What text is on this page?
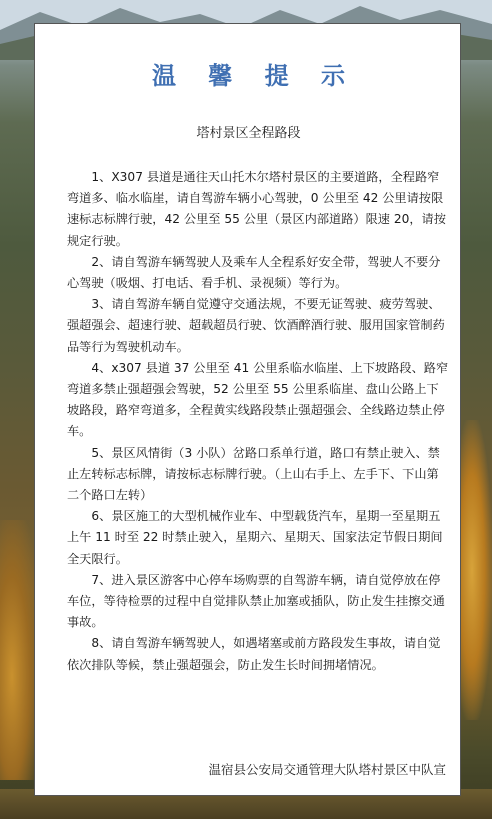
温 馨 提 示
塔村景区全程路段

1、X307 县道是通往天山托木尔塔村景区的主要道路，全程路窄弯道多、临水临崖，请自驾游车辆小心驾驶，0 公里至 42 公里请按限速标志标牌行驶，42 公里至 55 公里（景区内部道路）限速 20，请按规定行驶。

2、请自驾游车辆驾驶人及乘车人全程系好安全带，驾驶人不要分心驾驶（吸烟、打电话、看手机、录视频）等行为。

3、请自驾游车辆自觉遵守交通法规，不要无证驾驶、疲劳驾驶、强超强会、超速行驶、超载超员行驶、饮酒醉酒行驶、服用国家管制药品等行为驾驶机动车。

4、x307 县道 37 公里至 41 公里系临水临崖、上下坡路段、路窄弯道多禁止强超强会驾驶，52 公里至 55 公里系临崖、盘山公路上下坡路段，路窄弯道多，全程黄实线路段禁止强超强会、全线路边禁止停车。

5、景区风情街（3 小队）岔路口系单行道，路口有禁止驶入、禁止左转标志标牌，请按标志标牌行驶。（上山右手上、左手下、下山第二个路口左转）

6、景区施工的大型机械作业车、中型载货汽车，星期一至星期五上午 11 时至 22 时禁止驶入，星期六、星期天、国家法定节假日期间全天限行。

7、进入景区游客中心停车场购票的自驾游车辆，请自觉停放在停车位，等待检票的过程中自觉排队禁止加塞或插队，防止发生挂擦交通事故。

8、请自驾游车辆驾驶人，如遇堵塞或前方路段发生事故，请自觉依次排队等候，禁止强超强会，防止发生长时间拥堵情况。

温宿县公安局交通管理大队塔村景区中队宣
